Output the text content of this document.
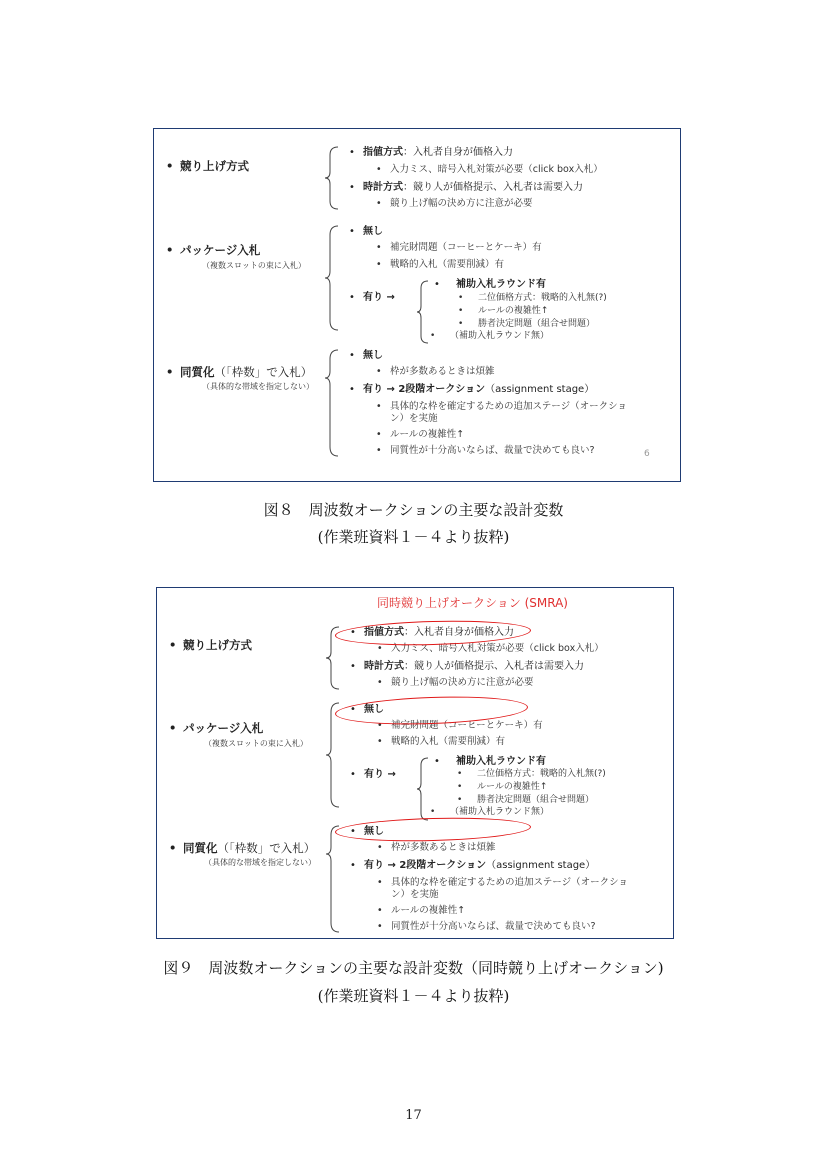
• 競り上げ方式
• 指値方式：入札者自身が価格入力
• 入力ミス、暗号入札対策が必要（click box入札）
• 時計方式：競り人が価格提示、入札者は需要入力
• 競り上げ幅の決め方に注意が必要
• パッケージ入札
（複数スロットの束に入札）
• 無し
• 補完財問題（コーヒーとケーキ）有
• 戦略的入札（需要削減）有
• 有り →
• 補助入札ラウンド有
• 二位価格方式：戦略的入札無(?)
• ルールの複雑性↑
• 勝者決定問題（組合せ問題）
• （補助入札ラウンド無）
• 同質化（「枠数」で入札）
（具体的な帯域を指定しない）
• 無し
• 枠が多数あるときは煩雑
• 有り → 2段階オークション（assignment stage）
• 具体的な枠を確定するための追加ステージ（オークショ
ン）を実施
• ルールの複雑性↑
• 同質性が十分高いならば、裁量で決めても良い?	6
図８　周波数オークションの主要な設計変数
(作業班資料１－４より抜粋)
同時競り上げオークション (SMRA)
• 競り上げ方式
• 指値方式：入札者自身が価格入力
• 入力ミス、暗号入札対策が必要（click box入札）
• 時計方式：競り人が価格提示、入札者は需要入力
• 競り上げ幅の決め方に注意が必要
• パッケージ入札
（複数スロットの束に入札）
• 無し
• 補完財問題（コーヒーとケーキ）有
• 戦略的入札（需要削減）有
• 有り →
• 補助入札ラウンド有
• 二位価格方式：戦略的入札無(?)
• ルールの複雑性↑
• 勝者決定問題（組合せ問題）
• （補助入札ラウンド無）
• 同質化（「枠数」で入札）
（具体的な帯域を指定しない）
• 無し
• 枠が多数あるときは煩雑
• 有り → 2段階オークション（assignment stage）
• 具体的な枠を確定するための追加ステージ（オークショ
ン）を実施
• ルールの複雑性↑
• 同質性が十分高いならば、裁量で決めても良い?
図９　周波数オークションの主要な設計変数（同時競り上げオークション)
(作業班資料１－４より抜粋)
17
